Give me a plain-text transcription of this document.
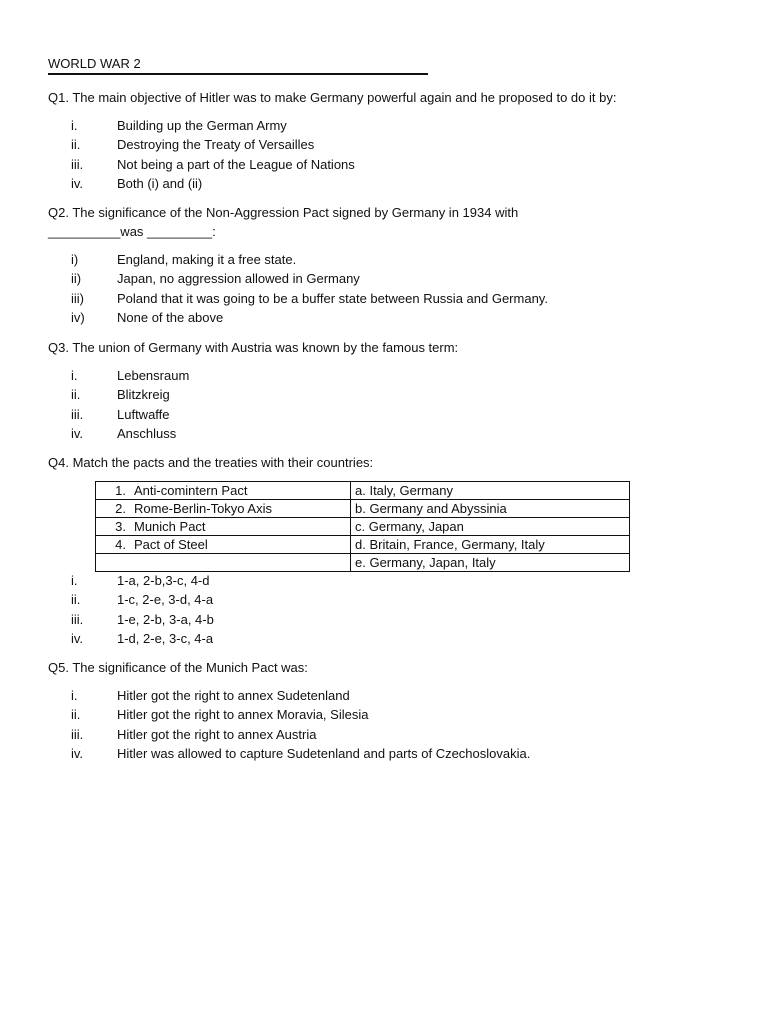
WORLD WAR 2
Q1. The main objective of Hitler was to make Germany powerful again and he proposed to do it by:
i.	Building up the German Army
ii.	Destroying the Treaty of Versailles
iii.	Not being a part of the League of Nations
iv.	Both (i) and (ii)
Q2. The significance of the Non-Aggression Pact signed by Germany in 1934 with
__________was _________:
i)	England, making it a free state.
ii)	Japan, no aggression allowed in Germany
iii)	Poland that it was going to be a buffer state between Russia and Germany.
iv)	None of the above
Q3. The union of Germany with Austria was known by the famous term:
i.	Lebensraum
ii.	Blitzkreig
iii.	Luftwaffe
iv.	Anschluss
Q4. Match the pacts and the treaties with their countries:
1. Anti-comintern Pact	a. Italy, Germany
2. Rome-Berlin-Tokyo Axis	b. Germany and Abyssinia
3. Munich Pact	c. Germany, Japan
4. Pact of Steel	d. Britain, France, Germany, Italy
	e. Germany, Japan, Italy
i.	1-a, 2-b,3-c, 4-d
ii.	1-c, 2-e, 3-d, 4-a
iii.	1-e, 2-b, 3-a, 4-b
iv.	1-d, 2-e, 3-c, 4-a
Q5. The significance of the Munich Pact was:
i.	Hitler got the right to annex Sudetenland
ii.	Hitler got the right to annex Moravia, Silesia
iii.	Hitler got the right to annex Austria
iv.	Hitler was allowed to capture Sudetenland and parts of Czechoslovakia.
